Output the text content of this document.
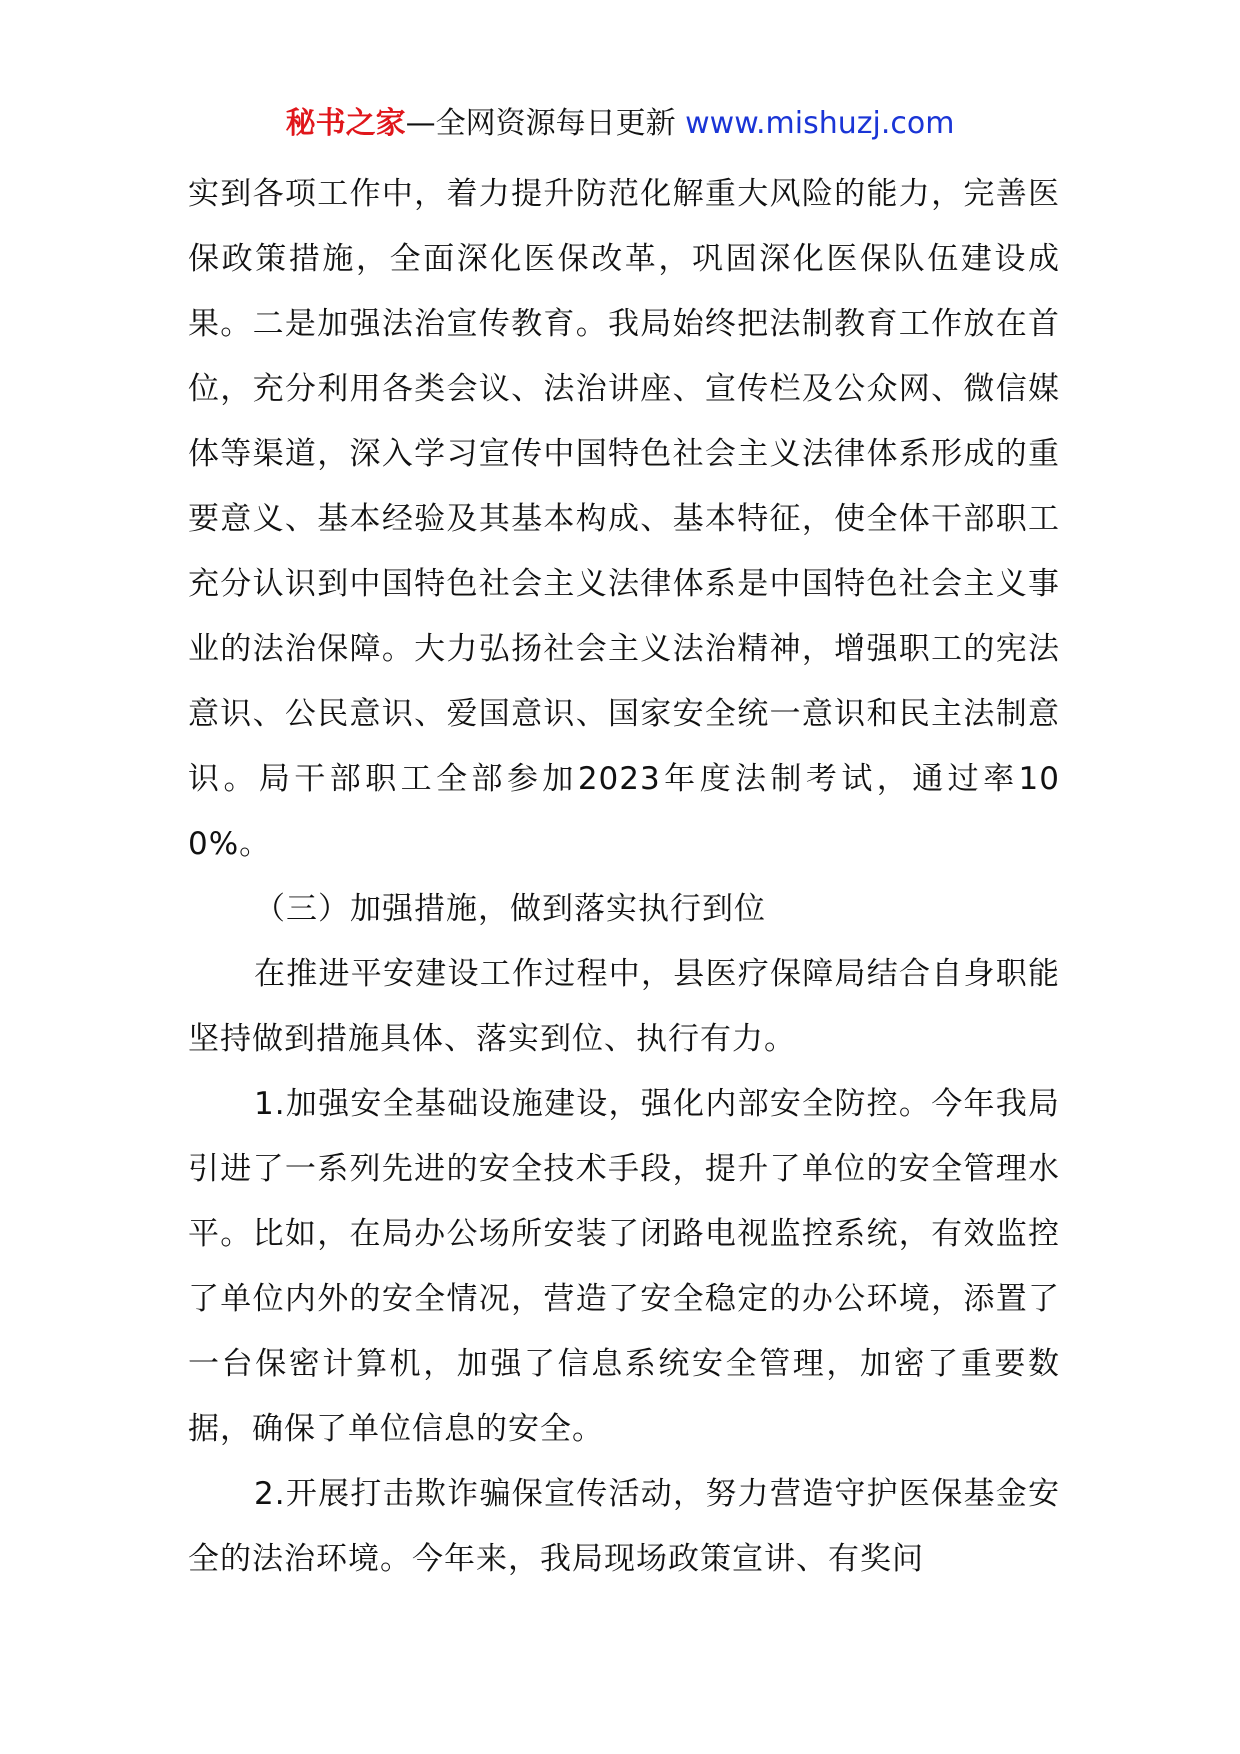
秘书之家—全网资源每日更新 www.mishuzj.com

实到各项工作中，着力提升防范化解重大风险的能力，完善医保政策措施，全面深化医保改革，巩固深化医保队伍建设成果。二是加强法治宣传教育。我局始终把法制教育工作放在首位，充分利用各类会议、法治讲座、宣传栏及公众网、微信媒体等渠道，深入学习宣传中国特色社会主义法律体系形成的重要意义、基本经验及其基本构成、基本特征，使全体干部职工充分认识到中国特色社会主义法律体系是中国特色社会主义事业的法治保障。大力弘扬社会主义法治精神，增强职工的宪法意识、公民意识、爱国意识、国家安全统一意识和民主法制意识。局干部职工全部参加2023年度法制考试，通过率100%。

（三）加强措施，做到落实执行到位

在推进平安建设工作过程中，县医疗保障局结合自身职能坚持做到措施具体、落实到位、执行有力。

1.加强安全基础设施建设，强化内部安全防控。今年我局引进了一系列先进的安全技术手段，提升了单位的安全管理水平。比如，在局办公场所安装了闭路电视监控系统，有效监控了单位内外的安全情况，营造了安全稳定的办公环境，添置了一台保密计算机，加强了信息系统安全管理，加密了重要数据，确保了单位信息的安全。

2.开展打击欺诈骗保宣传活动，努力营造守护医保基金安全的法治环境。今年来，我局现场政策宣讲、有奖问
